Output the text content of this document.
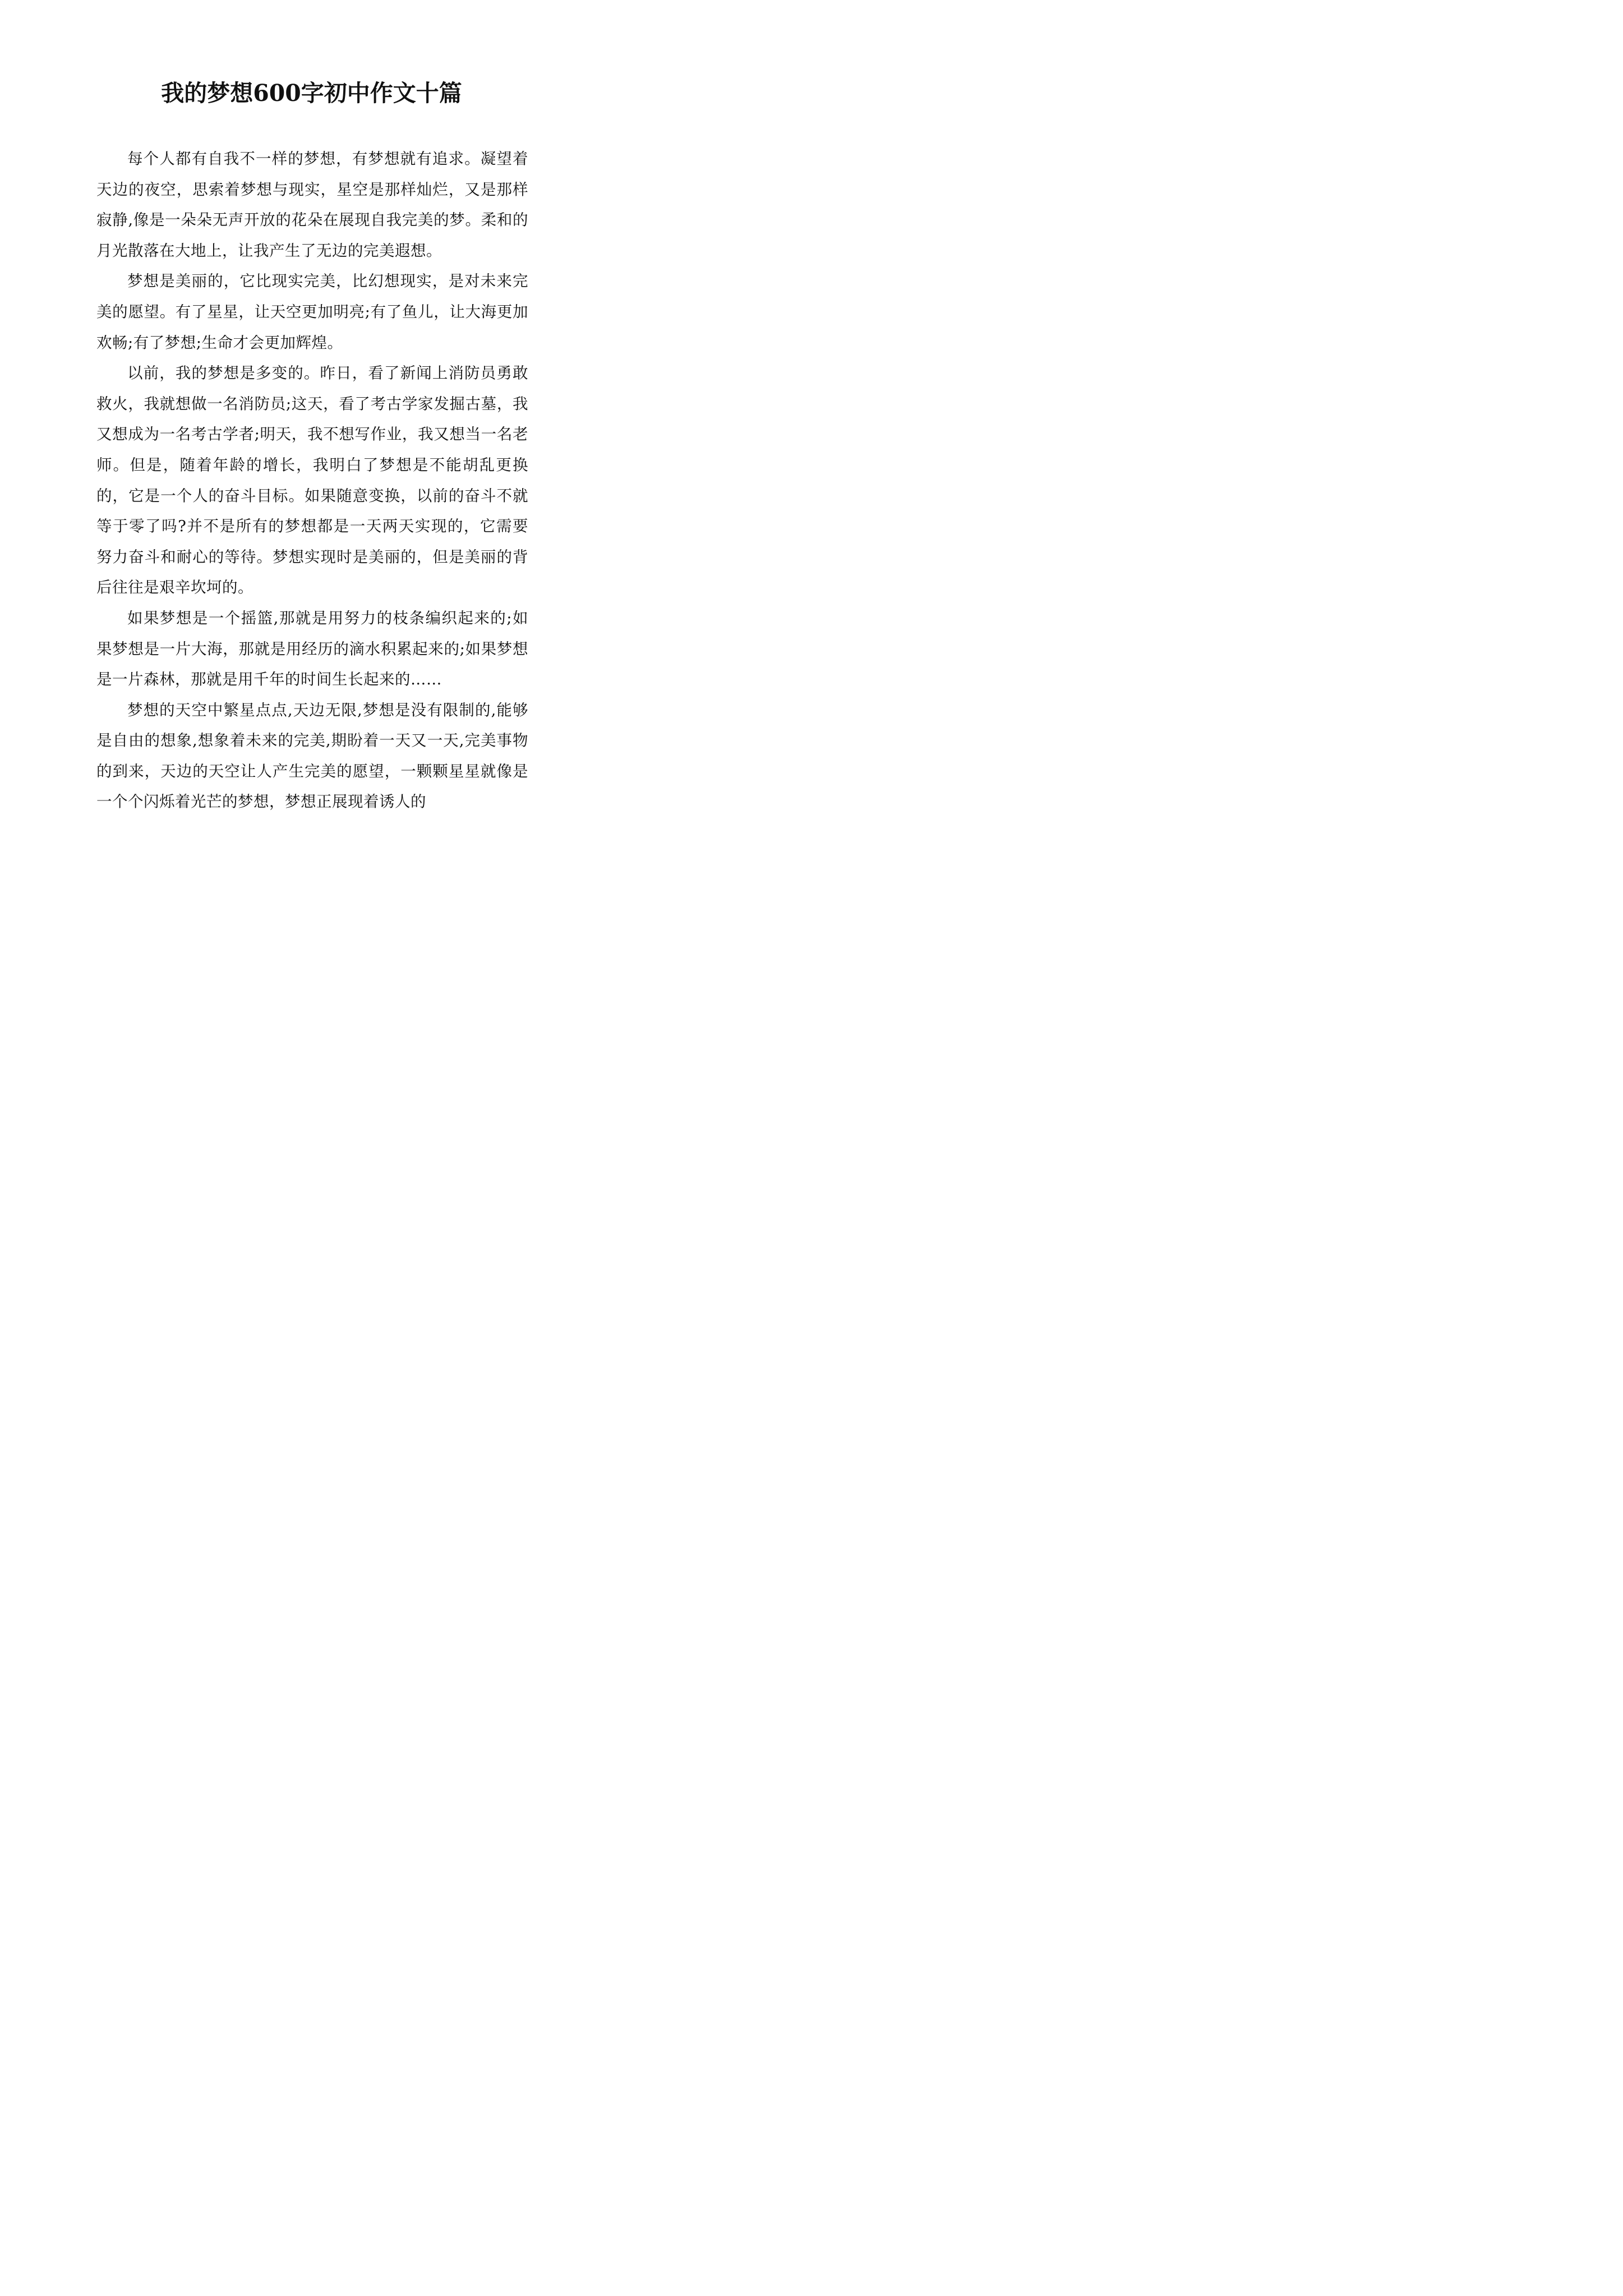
我的梦想600字初中作文十篇

每个人都有自我不一样的梦想，有梦想就有追求。凝望着天边的夜空，思索着梦想与现实，星空是那样灿烂，又是那样寂静,像是一朵朵无声开放的花朵在展现自我完美的梦。柔和的月光散落在大地上，让我产生了无边的完美遐想。

梦想是美丽的，它比现实完美，比幻想现实，是对未来完美的愿望。有了星星，让天空更加明亮;有了鱼儿，让大海更加欢畅;有了梦想;生命才会更加辉煌。

以前，我的梦想是多变的。昨日，看了新闻上消防员勇敢救火，我就想做一名消防员;这天，看了考古学家发掘古墓，我又想成为一名考古学者;明天，我不想写作业，我又想当一名老师。但是，随着年龄的增长，我明白了梦想是不能胡乱更换的，它是一个人的奋斗目标。如果随意变换，以前的奋斗不就等于零了吗?并不是所有的梦想都是一天两天实现的，它需要努力奋斗和耐心的等待。梦想实现时是美丽的，但是美丽的背后往往是艰辛坎坷的。

如果梦想是一个摇篮,那就是用努力的枝条编织起来的;如果梦想是一片大海，那就是用经历的滴水积累起来的;如果梦想是一片森林，那就是用千年的时间生长起来的……

梦想的天空中繁星点点,天边无限,梦想是没有限制的,能够是自由的想象,想象着未来的完美,期盼着一天又一天,完美事物的到来，天边的天空让人产生完美的愿望，一颗颗星星就像是一个个闪烁着光芒的梦想，梦想正展现着诱人的
